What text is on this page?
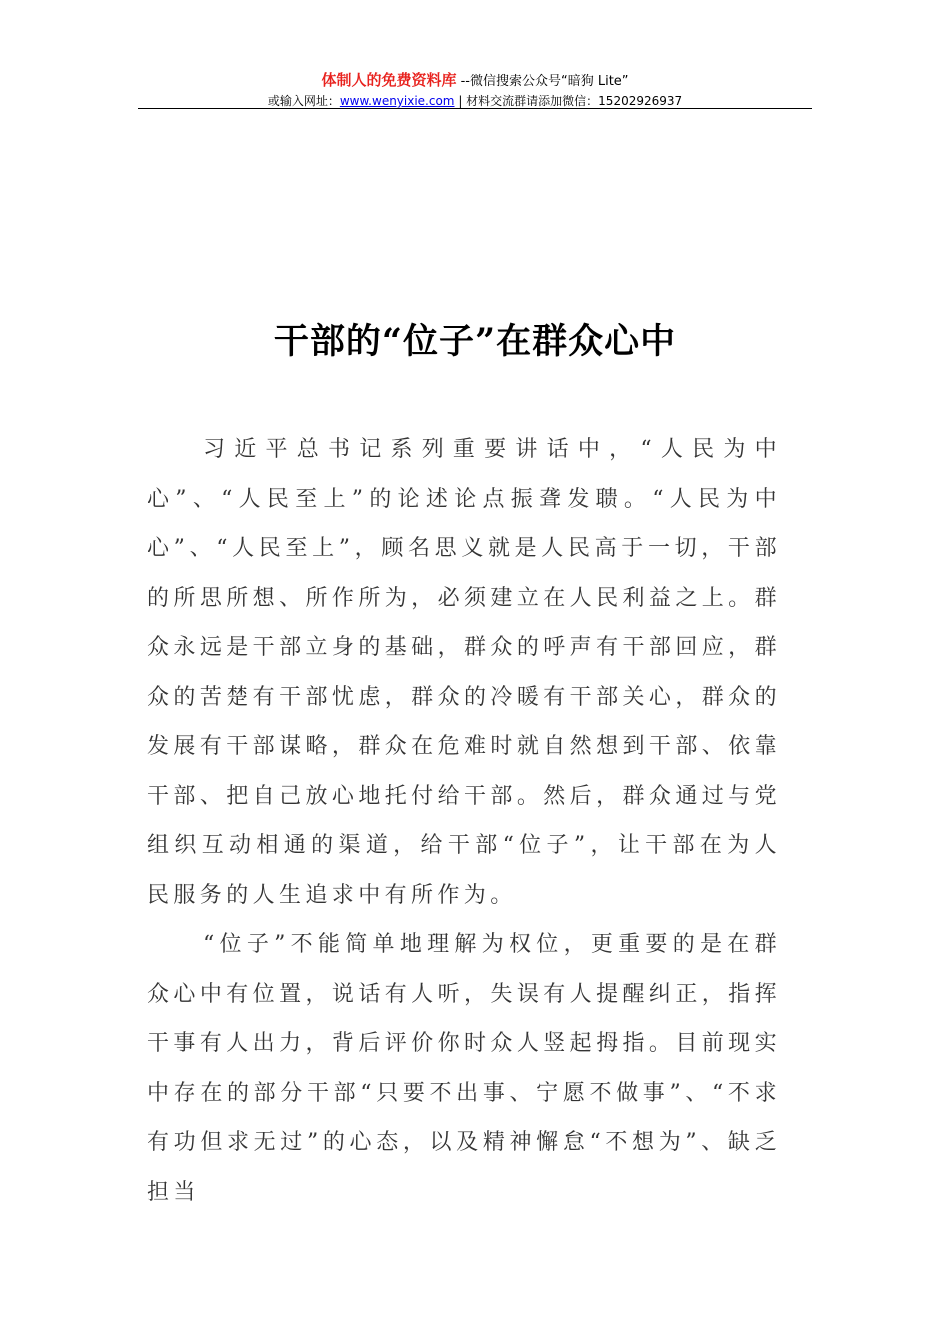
体制人的免费资料库 --微信搜索公众号“暗狗 Lite”
或输入网址：www.wenyixie.com | 材料交流群请添加微信：15202926937
干部的“位子”在群众心中

习近平总书记系列重要讲话中，“人民为中心”、“人民至上”的论述论点振聋发聩。“人民为中心”、“人民至上”，顾名思义就是人民高于一切，干部的所思所想、所作所为，必须建立在人民利益之上。群众永远是干部立身的基础，群众的呼声有干部回应，群众的苦楚有干部忧虑，群众的冷暖有干部关心，群众的发展有干部谋略，群众在危难时就自然想到干部、依靠干部、把自己放心地托付给干部。然后，群众通过与党组织互动相通的渠道，给干部“位子”，让干部在为人民服务的人生追求中有所作为。

“位子”不能简单地理解为权位，更重要的是在群众心中有位置，说话有人听，失误有人提醒纠正，指挥干事有人出力，背后评价你时众人竖起拇指。目前现实中存在的部分干部“只要不出事、宁愿不做事”、“不求有功但求无过”的心态，以及精神懈怠“不想为”、缺乏担当
